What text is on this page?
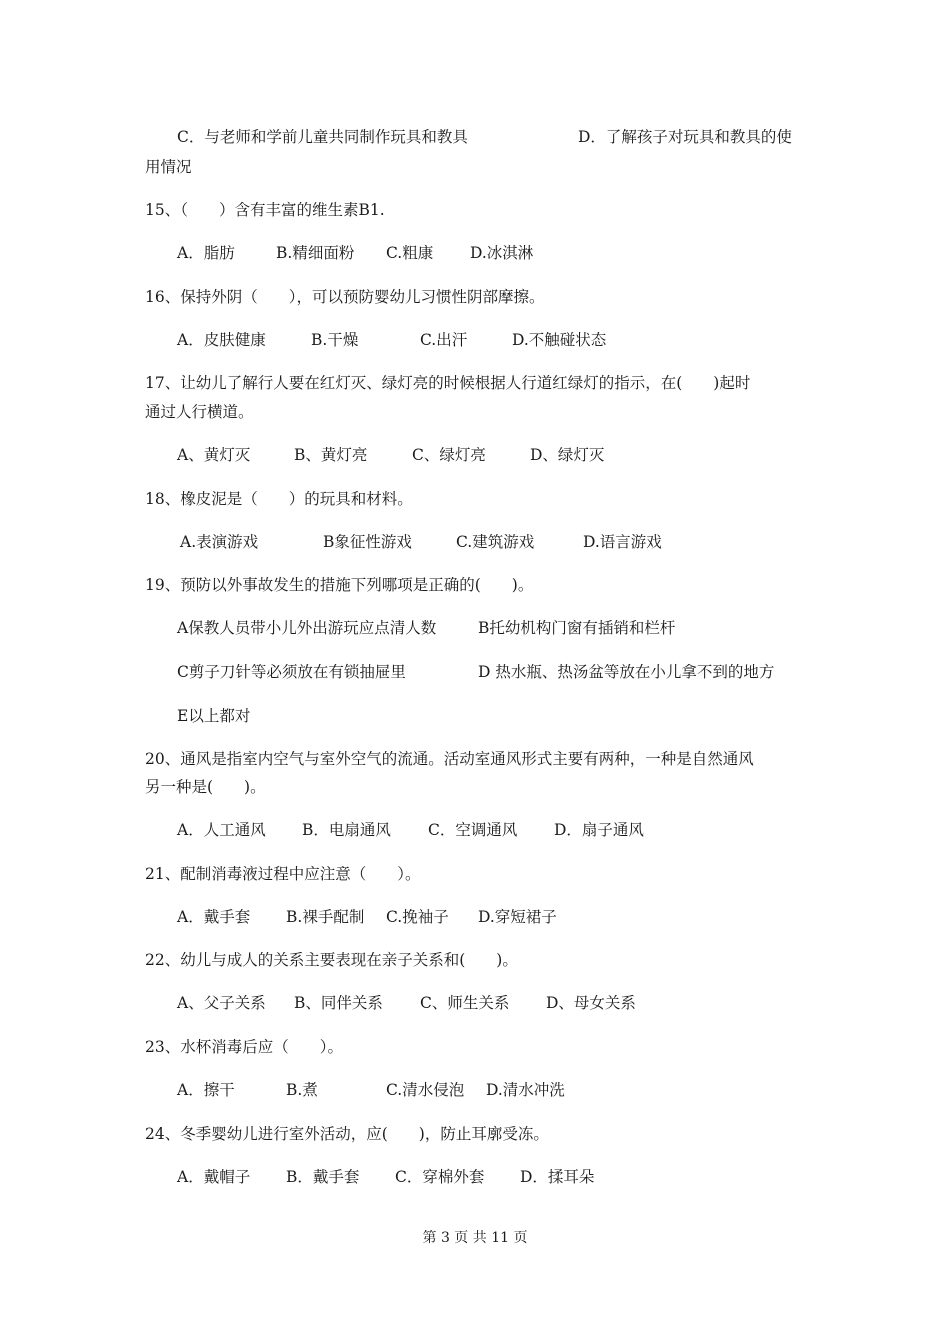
C．与老师和学前儿童共同制作玩具和教具	D．了解孩子对玩具和教具的使
用情况
15、（　　）含有丰富的维生素B1.
A．脂肪	B.精细面粉 C.粗康 D.冰淇淋
16、保持外阴（　　），可以预防婴幼儿习惯性阴部摩擦。
A．皮肤健康	B.干燥	C.出汗	D.不触碰状态
17、让幼儿了解行人要在红灯灭、绿灯亮的时候根据人行道红绿灯的指示，在(　　)起时
通过人行横道。
A、黄灯灭	B、黄灯亮	C、绿灯亮	D、绿灯灭
18、橡皮泥是（　　）的玩具和材料。
A.表演游戏	B象征性游戏	C.建筑游戏	D.语言游戏
19、预防以外事故发生的措施下列哪项是正确的(　　)。
A保教人员带小儿外出游玩应点清人数	B托幼机构门窗有插销和栏杆
C剪子刀针等必须放在有锁抽屉里	D 热水瓶、热汤盆等放在小儿拿不到的地方
E以上都对
20、通风是指室内空气与室外空气的流通。活动室通风形式主要有两种，一种是自然通风
另一种是(　　)。
A．人工通风 B．电扇通风 C．空调通风 D．扇子通风
21、配制消毒液过程中应注意（　　）。
A．戴手套 B.裸手配制 C.挽袖子 D.穿短裙子
22、幼儿与成人的关系主要表现在亲子关系和(　　)。
A、父子关系 B、同伴关系 C、师生关系 D、母女关系
23、水杯消毒后应（　　）。
A．擦干	B.煮	C.清水侵泡 D.清水冲洗
24、冬季婴幼儿进行室外活动，应(　　)，防止耳廓受冻。
A．戴帽子 B．戴手套 C．穿棉外套 D．揉耳朵
第 3 页 共 11 页
